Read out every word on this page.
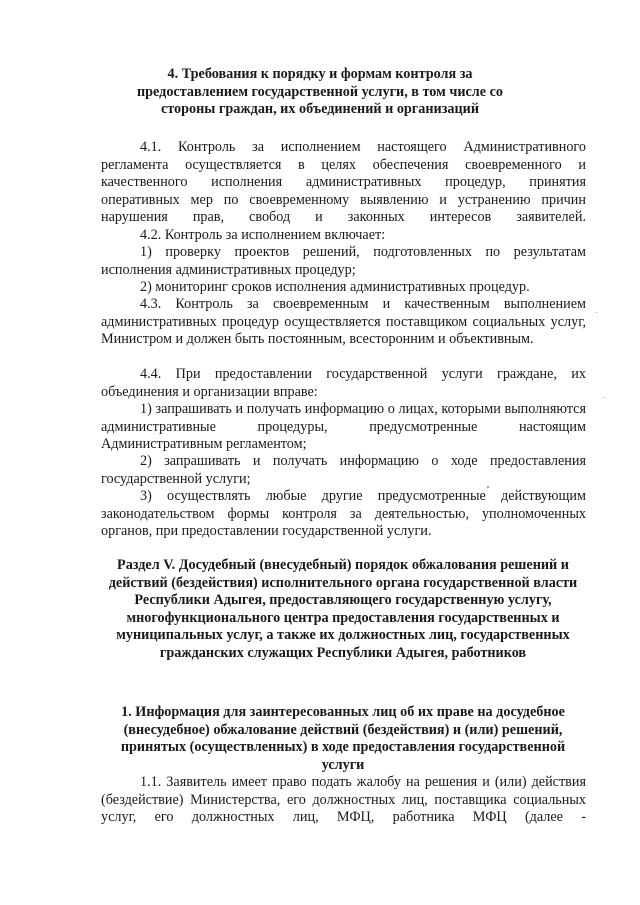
4. Требования к порядку и формам контроля за предоставлением государственной услуги, в том числе со стороны граждан, их объединений и организаций

4.1. Контроль за исполнением настоящего Административного регламента осуществляется в целях обеспечения своевременного и качественного исполнения административных процедур, принятия оперативных мер по своевременному выявлению и устранению причин нарушения прав, свобод и законных интересов заявителей.

4.2. Контроль за исполнением включает:

1) проверку проектов решений, подготовленных по результатам исполнения административных процедур;

2) мониторинг сроков исполнения административных процедур.

4.3. Контроль за своевременным и качественным выполнением административных процедур осуществляется поставщиком социальных услуг, Министром и должен быть постоянным, всесторонним и объективным.

4.4. При предоставлении государственной услуги граждане, их объединения и организации вправе:

1) запрашивать и получать информацию о лицах, которыми выполняются административные процедуры, предусмотренные настоящим Административным регламентом;

2) запрашивать и получать информацию о ходе предоставления государственной услуги;

3) осуществлять любые другие предусмотренные действующим законодательством формы контроля за деятельностью, уполномоченных органов, при предоставлении государственной услуги.

Раздел V. Досудебный (внесудебный) порядок обжалования решений и действий (бездействия) исполнительного органа государственной власти Республики Адыгея, предоставляющего государственную услугу, многофункционального центра предоставления государственных и муниципальных услуг, а также их должностных лиц, государственных гражданских служащих Республики Адыгея, работников
1. Информация для заинтересованных лиц об их праве на досудебное (внесудебное) обжалование действий (бездействия) и (или) решений, принятых (осуществленных) в ходе предоставления государственной услуги

1.1. Заявитель имеет право подать жалобу на решения и (или) действия (бездействие) Министерства, его должностных лиц, поставщика социальных услуг, его должностных лиц, МФЦ, работника МФЦ (далее -
